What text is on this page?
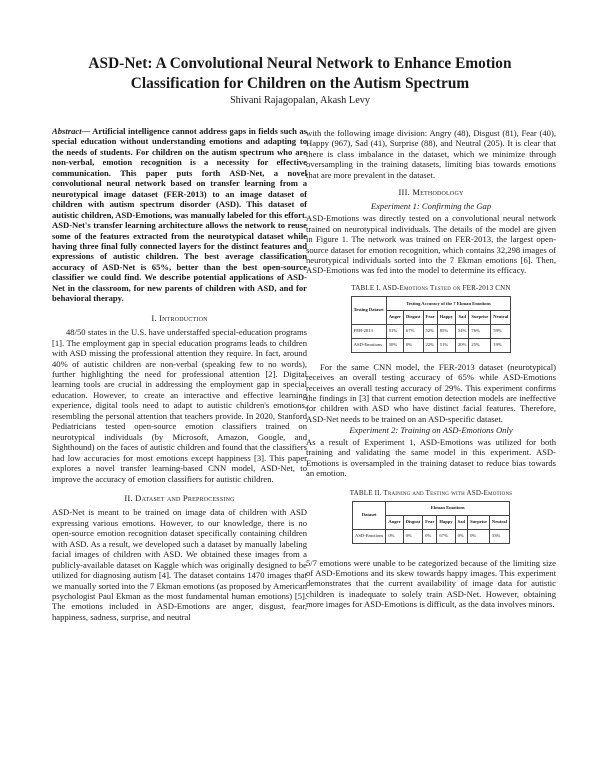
ASD-Net: A Convolutional Neural Network to Enhance Emotion
Classification for Children on the Autism Spectrum
Shivani Rajagopalan, Akash Levy

Abstract— Artificial intelligence cannot address gaps in fields such as special education without understanding emotions and adapting to the needs of students. For children on the autism spectrum who are non-verbal, emotion recognition is a necessity for effective communication. This paper puts forth ASD-Net, a novel convolutional neural network based on transfer learning from a neurotypical image dataset (FER-2013) to an image dataset of children with autism spectrum disorder (ASD). This dataset of autistic children, ASD-Emotions, was manually labeled for this effort. ASD-Net's transfer learning architecture allows the network to reuse some of the features extracted from the neurotypical dataset while having three final fully connected layers for the distinct features and expressions of autistic children. The best average classification accuracy of ASD-Net is 65%, better than the best open-source classifier we could find. We describe potential applications of ASD-Net in the classroom, for new parents of children with ASD, and for behavioral therapy.

I. Introduction

48/50 states in the U.S. have understaffed special-education programs [1]. The employment gap in special education programs leads to children with ASD missing the professional attention they require. In fact, around 40% of autistic children are non-verbal (speaking few to no words), further highlighting the need for professional attention [2]. Digital learning tools are crucial in addressing the employment gap in special education. However, to create an interactive and effective learning experience, digital tools need to adapt to autistic children's emotions, resembling the personal attention that teachers provide. In 2020, Stanford Pediatricians tested open-source emotion classifiers trained on neurotypical individuals (by Microsoft, Amazon, Google, and Sighthound) on the faces of autistic children and found that the classifiers had low accuracies for most emotions except happiness [3]. This paper explores a novel transfer learning-based CNN model, ASD-Net, to improve the accuracy of emotion classifiers for autistic children.

II. Dataset and Preprocessing

ASD-Net is meant to be trained on image data of children with ASD expressing various emotions. However, to our knowledge, there is no open-source emotion recognition dataset specifically containing children with ASD. As a result, we developed such a dataset by manually labeling facial images of children with ASD. We obtained these images from a publicly-available dataset on Kaggle which was originally designed to be utilized for diagnosing autism [4]. The dataset contains 1470 images that we manually sorted into the 7 Ekman emotions (as proposed by American psychologist Paul Ekman as the most fundamental human emotions) [5]. The emotions included in ASD-Emotions are anger, disgust, fear, happiness, sadness, surprise, and neutral

with the following image division: Angry (48), Disgust (81), Fear (40), Happy (967), Sad (41), Surprise (88), and Neutral (205). It is clear that there is class imbalance in the dataset, which we minimize through oversampling in the training datasets, limiting bias towards emotions that are more prevalent in the dataset.

III. Methodology
Experiment 1: Confirming the Gap

ASD-Emotions was directly tested on a convolutional neural network trained on neurotypical individuals. The details of the model are given in Figure 1. The network was trained on FER-2013, the largest open-source dataset for emotion recognition, which contains 32,298 images of neurotypical individuals sorted into the 7 Ekman emotions [6]. Then, ASD-Emotions was fed into the model to determine its efficacy.

TABLE I. ASD-Emotions Tested on FER-2013 CNN

Testing Dataset	Testing Accuracy of the 7 Ekman Emotions						
	Anger	Disgust	Fear	Happy	Sad	Surprise	Neutral
FER-2013	51%	67%	52%	85%	54%	76%	59%
ASD-Emotions	50%	0%	22%	51%	20%	25%	19%

For the same CNN model, the FER-2013 dataset (neurotypical) receives an overall testing accuracy of 65% while ASD-Emotions receives an overall testing accuracy of 29%. This experiment confirms the findings in [3] that current emotion detection models are ineffective for children with ASD who have distinct facial features. Therefore, ASD-Net needs to be trained on an ASD-specific dataset.

Experiment 2: Training on ASD-Emotions Only

As a result of Experiment 1, ASD-Emotions was utilized for both training and validating the same model in this experiment. ASD-Emotions is oversampled in the training dataset to reduce bias towards an emotion.

TABLE II. Training and Testing with ASD-Emotions

Dataset	Ekman Emotions						
	Anger	Disgust	Fear	Happy	Sad	Surprise	Neutral
ASD-Emotions	0%	0%	0%	67%	0%	0%	33%

5/7 emotions were unable to be categorized because of the limiting size of ASD-Emotions and its skew towards happy images. This experiment demonstrates that the current availability of image data for autistic children is inadequate to solely train ASD-Net. However, obtaining more images for ASD-Emotions is difficult, as the data involves minors.
